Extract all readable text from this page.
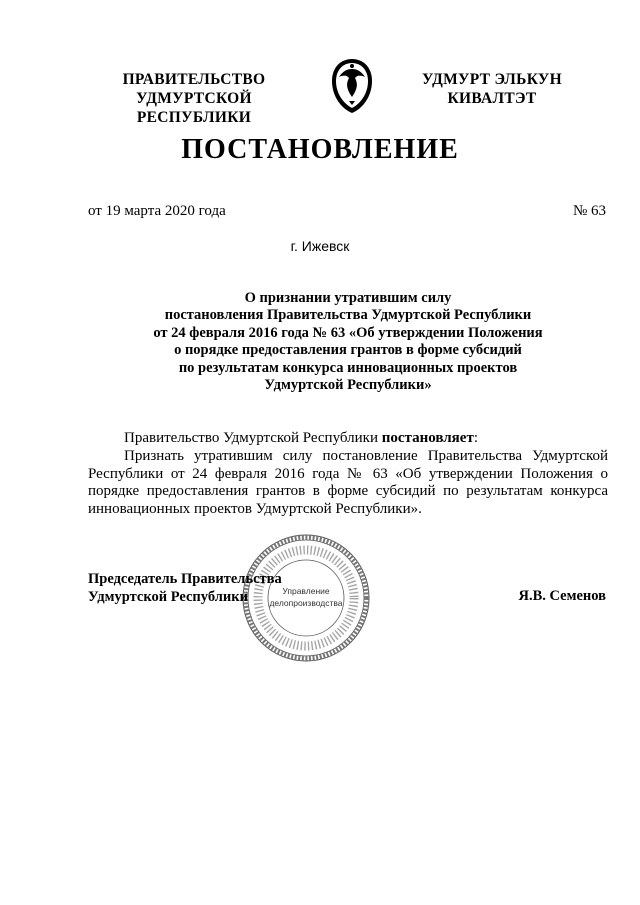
ПРАВИТЕЛЬСТВО
УДМУРТСКОЙ РЕСПУБЛИКИ
УДМУРТ ЭЛЬКУН
КИВАЛТЭТ
ПОСТАНОВЛЕНИЕ
от 19 марта 2020 года	№ 63
г. Ижевск
О признании утратившим силу
постановления Правительства Удмуртской Республики
от 24 февраля 2016 года № 63 «Об утверждении Положения
о порядке предоставления грантов в форме субсидий
по результатам конкурса инновационных проектов
Удмуртской Республики»
Правительство Удмуртской Республики постановляет:
Признать утратившим силу постановление Правительства Удмуртской Республики от 24 февраля 2016 года № 63 «Об утверждении Положения о порядке предоставления грантов в форме субсидий по результатам конкурса инновационных проектов Удмуртской Республики».
Управление
делопроизводства
Председатель Правительства
Удмуртской Республики	Я.В. Семенов
